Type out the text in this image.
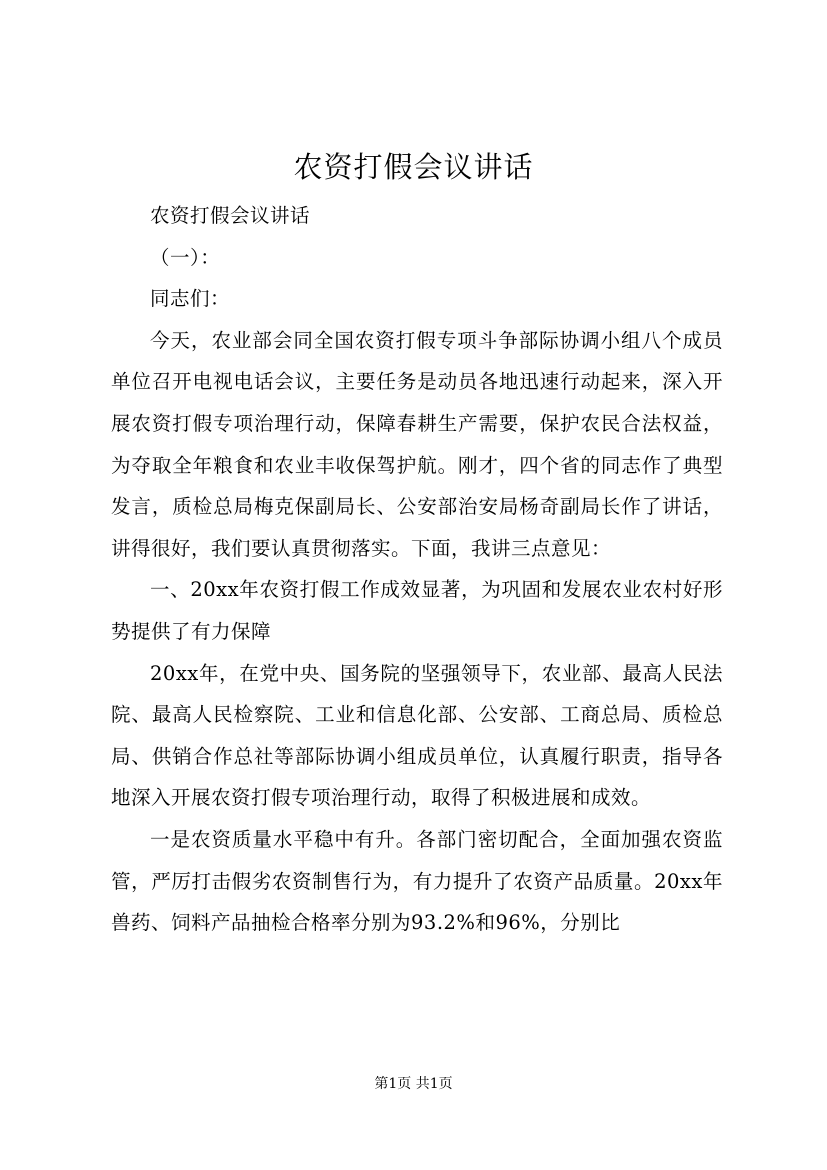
农资打假会议讲话

农资打假会议讲话

（一）：

同志们：

今天，农业部会同全国农资打假专项斗争部际协调小组八个成员单位召开电视电话会议，主要任务是动员各地迅速行动起来，深入开展农资打假专项治理行动，保障春耕生产需要，保护农民合法权益，为夺取全年粮食和农业丰收保驾护航。刚才，四个省的同志作了典型发言，质检总局梅克保副局长、公安部治安局杨奇副局长作了讲话，讲得很好，我们要认真贯彻落实。下面，我讲三点意见：

一、20xx年农资打假工作成效显著，为巩固和发展农业农村好形势提供了有力保障

20xx年，在党中央、国务院的坚强领导下，农业部、最高人民法院、最高人民检察院、工业和信息化部、公安部、工商总局、质检总局、供销合作总社等部际协调小组成员单位，认真履行职责，指导各地深入开展农资打假专项治理行动，取得了积极进展和成效。

一是农资质量水平稳中有升。各部门密切配合，全面加强农资监管，严厉打击假劣农资制售行为，有力提升了农资产品质量。20xx年兽药、饲料产品抽检合格率分别为93.2%和96%，分别比

第1页 共1页
